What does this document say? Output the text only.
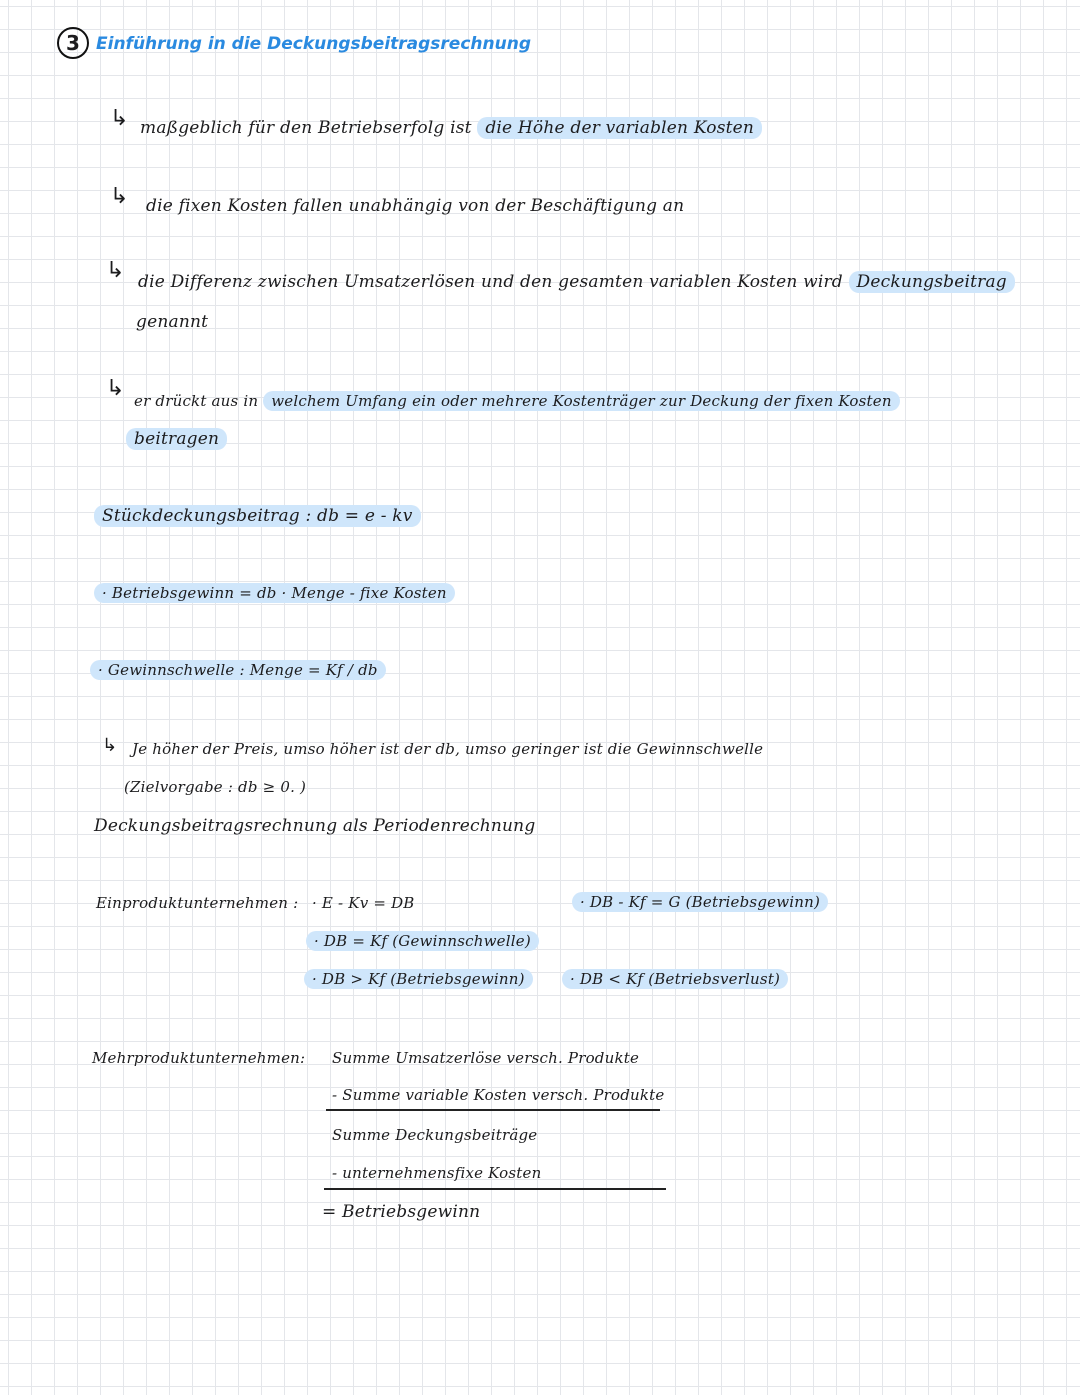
3 Einführung in die Deckungsbeitragsrechnung
↳ maßgeblich für den Betriebserfolg ist die Höhe der variablen Kosten
↳ die fixen Kosten fallen unabhängig von der Beschäftigung an
↳ die Differenz zwischen Umsatzerlösen und den gesamten variablen Kosten wird Deckungsbeitrag
genannt
↳ er drückt aus in welchem Umfang ein oder mehrere Kostenträger zur Deckung der fixen Kosten
beitragen
Stückdeckungsbeitrag : db = e - kv
· Betriebsgewinn = db · Menge - fixe Kosten
· Gewinnschwelle : Menge = Kf / db
↳ Je höher der Preis, umso höher ist der db, umso geringer ist die Gewinnschwelle
(Zielvorgabe : db ≥ 0. )
Deckungsbeitragsrechnung als Periodenrechnung
Einproduktunternehmen : · E - Kv = DB	· DB - Kf = G (Betriebsgewinn)
· DB = Kf (Gewinnschwelle)
· DB > Kf (Betriebsgewinn)	· DB < Kf (Betriebsverlust)
Mehrproduktunternehmen: Summe Umsatzerlöse versch. Produkte
- Summe variable Kosten versch. Produkte
Summe Deckungsbeiträge
- unternehmensfixe Kosten
= Betriebsgewinn
